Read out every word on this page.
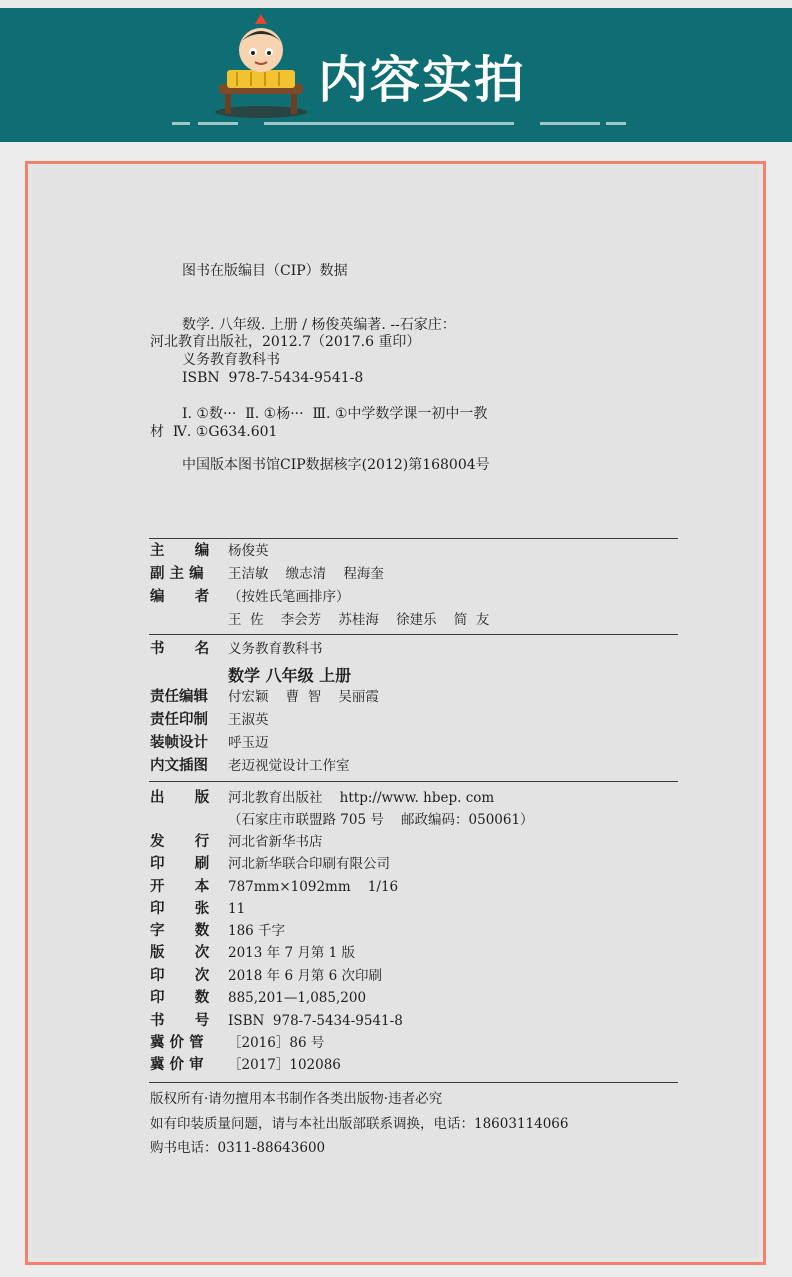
内容实拍
图书在版编目（CIP）数据
数学. 八年级. 上册 / 杨俊英编著. --石家庄：
河北教育出版社，2012.7（2017.6 重印）
义务教育教科书
ISBN  978-7-5434-9541-8
Ⅰ. ①数···  Ⅱ. ①杨···  Ⅲ. ①中学数学课一初中一教
材  Ⅳ. ①G634.601
中国版本图书馆CIP数据核字(2012)第168004号
主      编 杨俊英
副 主 编 王洁敏    缴志清    程海奎
编      者 （按姓氏笔画排序）
王  佐    李会芳    苏桂海    徐建乐    简  友
书      名 义务教育教科书
数学 八年级 上册
责任编辑 付宏颖    曹  智    吴丽霞
责任印制 王淑英
装帧设计 呼玉迈
内文插图 老迈视觉设计工作室
出      版 河北教育出版社    http://www. hbep. com
（石家庄市联盟路 705 号    邮政编码：050061）
发      行 河北省新华书店
印      刷 河北新华联合印刷有限公司
开      本 787mm×1092mm    1/16
印      张 11
字      数 186 千字
版      次 2013 年 7 月第 1 版
印      次 2018 年 6 月第 6 次印刷
印      数 885,201—1,085,200
书      号 ISBN  978-7-5434-9541-8
冀 价 管 ［2016］86 号
冀 价 审 ［2017］102086
版权所有·请勿擅用本书制作各类出版物·违者必究
如有印装质量问题，请与本社出版部联系调换，电话：18603114066
购书电话：0311-88643600
